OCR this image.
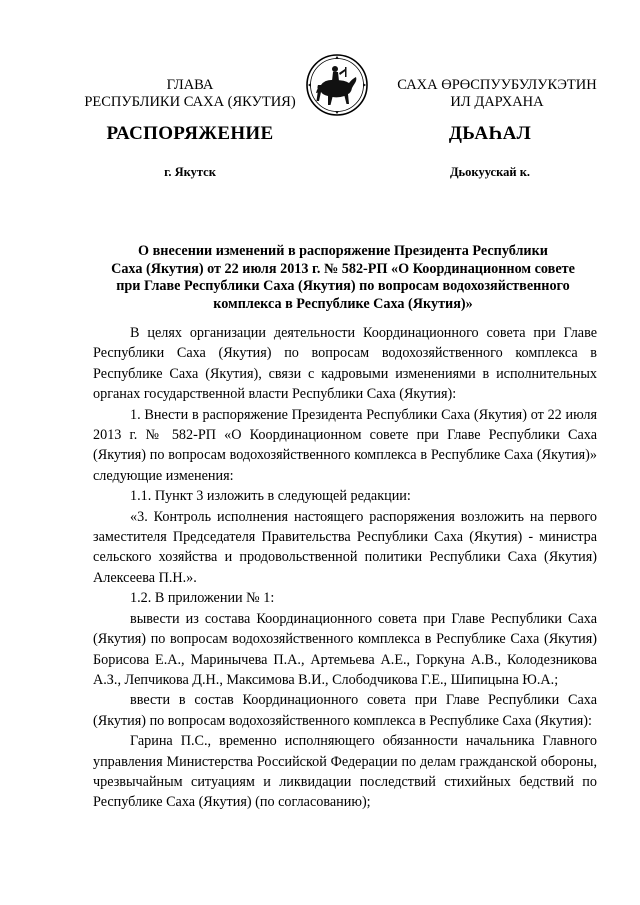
ГЛАВА
РЕСПУБЛИКИ САХА (ЯКУТИЯ)
САХА ӨРӨСПУУБУЛУКЭТИН
ИЛ ДАРХАНА
РАСПОРЯЖЕНИЕ	ДЬАҺАЛ
г. Якутск	Дьокуускай к.
О внесении изменений в распоряжение Президента Республики
Саха (Якутия) от 22 июля 2013 г. № 582-РП «О Координационном совете
при Главе Республики Саха (Якутия) по вопросам водохозяйственного
комплекса в Республике Саха (Якутия)»

В целях организации деятельности Координационного совета при Главе Республики Саха (Якутия) по вопросам водохозяйственного комплекса в Республике Саха (Якутия), связи с кадровыми изменениями в исполнительных органах государственной власти Республики Саха (Якутия):

1. Внести в распоряжение Президента Республики Саха (Якутия) от 22 июля 2013 г. № 582-РП «О Координационном совете при Главе Республики Саха (Якутия) по вопросам водохозяйственного комплекса в Республике Саха (Якутия)» следующие изменения:

1.1. Пункт 3 изложить в следующей редакции:

«3. Контроль исполнения настоящего распоряжения возложить на первого заместителя Председателя Правительства Республики Саха (Якутия) - министра сельского хозяйства и продовольственной политики Республики Саха (Якутия) Алексеева П.Н.».

1.2. В приложении № 1:

вывести из состава Координационного совета при Главе Республики Саха (Якутия) по вопросам водохозяйственного комплекса в Республике Саха (Якутия) Борисова Е.А., Маринычева П.А., Артемьева А.Е., Горкуна А.В., Колодезникова А.З., Лепчикова Д.Н., Максимова В.И., Слободчикова Г.Е., Шипицына Ю.А.;

ввести в состав Координационного совета при Главе Республики Саха (Якутия) по вопросам водохозяйственного комплекса в Республике Саха (Якутия):

Гарина П.С., временно исполняющего обязанности начальника Главного управления Министерства Российской Федерации по делам гражданской обороны, чрезвычайным ситуациям и ликвидации последствий стихийных бедствий по Республике Саха (Якутия) (по согласованию);
